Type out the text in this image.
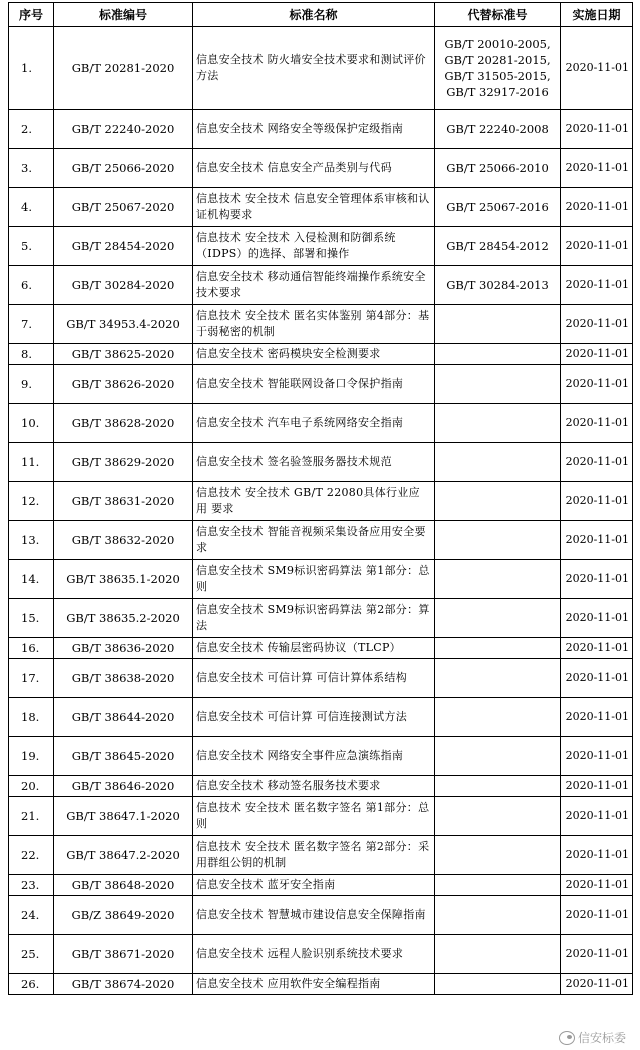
序号	标准编号	标准名称	代替标准号	实施日期
1.	GB/T 20281-2020	信息安全技术 防火墙安全技术要求和测试评价方法	GB/T 20010-2005, GB/T 20281-2015, GB/T 31505-2015, GB/T 32917-2016	2020-11-01
2.	GB/T 22240-2020	信息安全技术 网络安全等级保护定级指南	GB/T 22240-2008	2020-11-01
3.	GB/T 25066-2020	信息安全技术 信息安全产品类别与代码	GB/T 25066-2010	2020-11-01
4.	GB/T 25067-2020	信息技术 安全技术 信息安全管理体系审核和认证机构要求	GB/T 25067-2016	2020-11-01
5.	GB/T 28454-2020	信息技术 安全技术 入侵检测和防御系统（IDPS）的选择、部署和操作	GB/T 28454-2012	2020-11-01
6.	GB/T 30284-2020	信息安全技术 移动通信智能终端操作系统安全技术要求	GB/T 30284-2013	2020-11-01
7.	GB/T 34953.4-2020	信息技术 安全技术 匿名实体鉴别 第4部分：基于弱秘密的机制		2020-11-01
8.	GB/T 38625-2020	信息安全技术 密码模块安全检测要求		2020-11-01
9.	GB/T 38626-2020	信息安全技术 智能联网设备口令保护指南		2020-11-01
10.	GB/T 38628-2020	信息安全技术 汽车电子系统网络安全指南		2020-11-01
11.	GB/T 38629-2020	信息安全技术 签名验签服务器技术规范		2020-11-01
12.	GB/T 38631-2020	信息技术 安全技术 GB/T 22080具体行业应用 要求		2020-11-01
13.	GB/T 38632-2020	信息安全技术 智能音视频采集设备应用安全要求		2020-11-01
14.	GB/T 38635.1-2020	信息安全技术 SM9标识密码算法 第1部分：总则		2020-11-01
15.	GB/T 38635.2-2020	信息安全技术 SM9标识密码算法 第2部分：算法		2020-11-01
16.	GB/T 38636-2020	信息安全技术 传输层密码协议（TLCP）		2020-11-01
17.	GB/T 38638-2020	信息安全技术 可信计算 可信计算体系结构		2020-11-01
18.	GB/T 38644-2020	信息安全技术 可信计算 可信连接测试方法		2020-11-01
19.	GB/T 38645-2020	信息安全技术 网络安全事件应急演练指南		2020-11-01
20.	GB/T 38646-2020	信息安全技术 移动签名服务技术要求		2020-11-01
21.	GB/T 38647.1-2020	信息技术 安全技术 匿名数字签名 第1部分：总则		2020-11-01
22.	GB/T 38647.2-2020	信息技术 安全技术 匿名数字签名 第2部分：采用群组公钥的机制		2020-11-01
23.	GB/T 38648-2020	信息安全技术 蓝牙安全指南		2020-11-01
24.	GB/Z 38649-2020	信息安全技术 智慧城市建设信息安全保障指南		2020-11-01
25.	GB/T 38671-2020	信息安全技术 远程人脸识别系统技术要求		2020-11-01
26.	GB/T 38674-2020	信息安全技术 应用软件安全编程指南		2020-11-01
信安标委
